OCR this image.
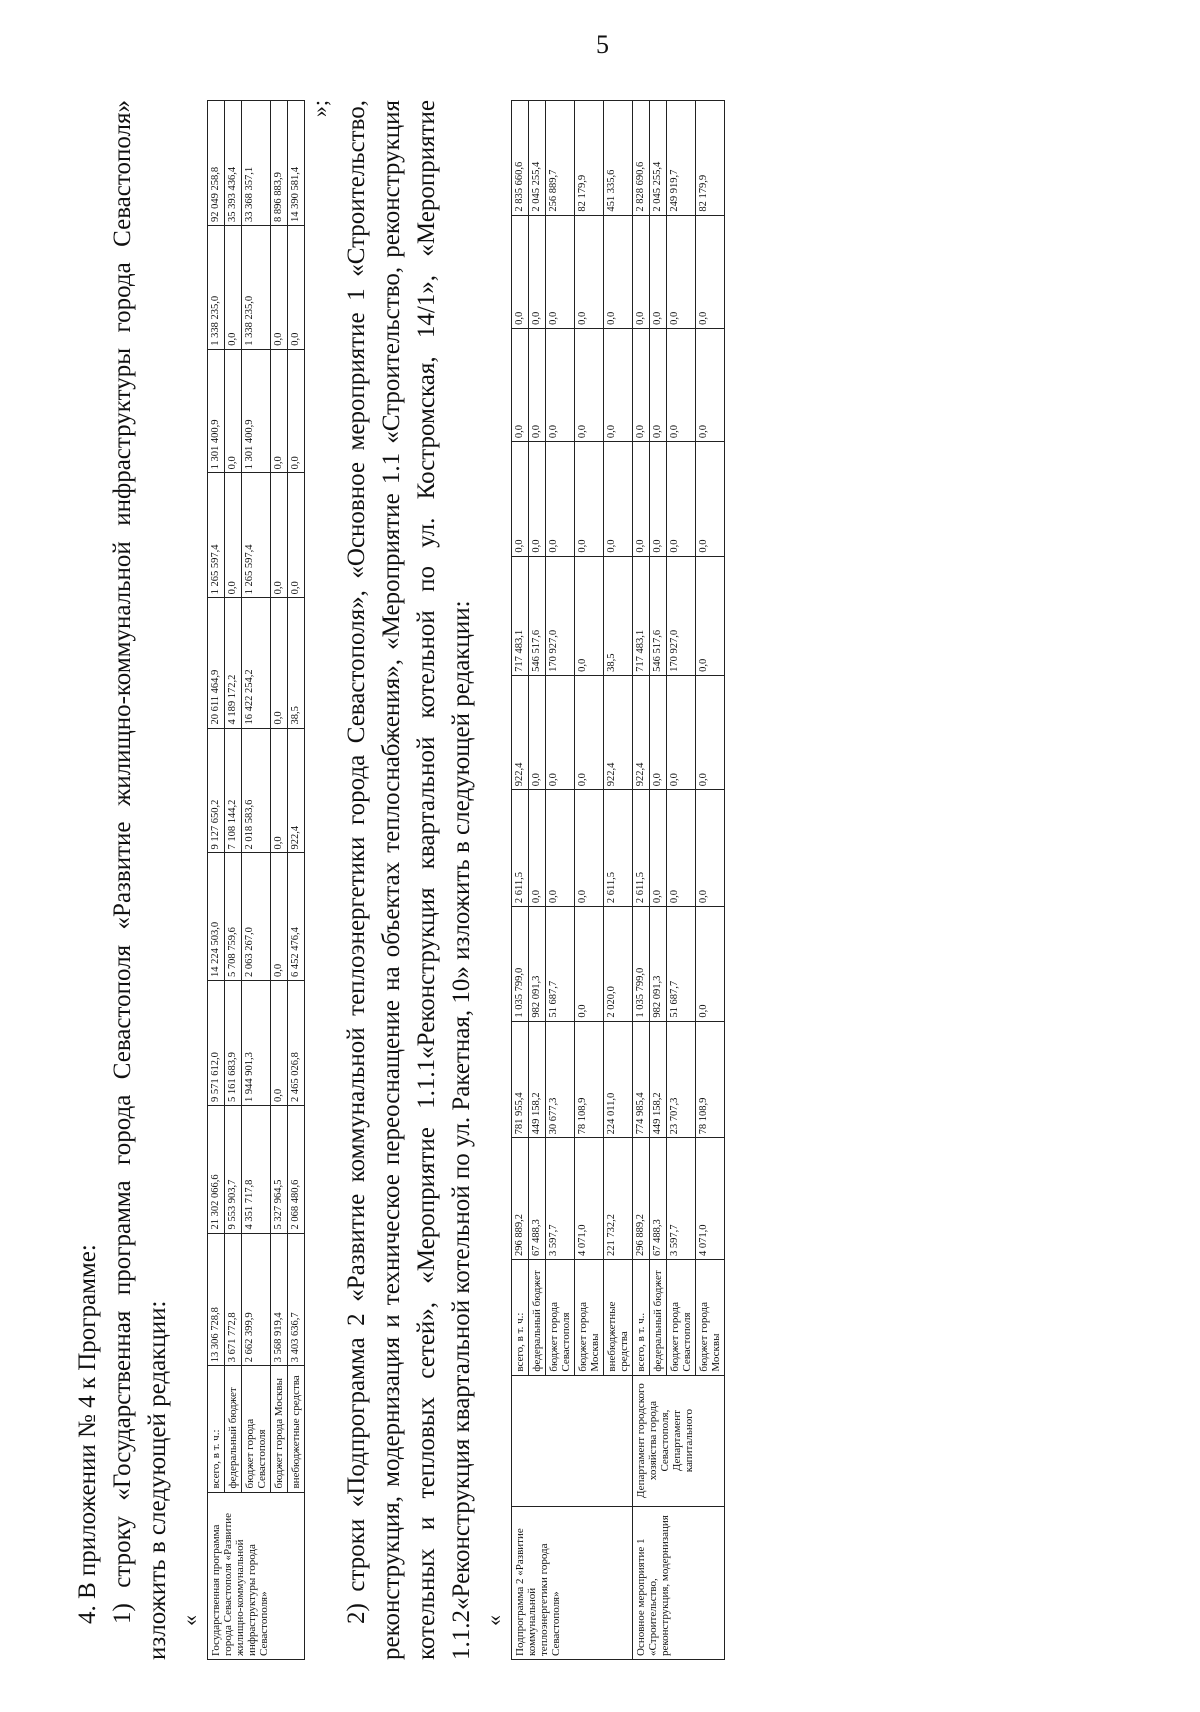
5

4. В приложении № 4 к Программе: 1) строку «Государственная программа города Севастополя «Развитие жилищно-коммунальной инфраструктуры города Севастополя» изложить в следующей редакции: « Государственная программа города Севастополя «Развитие жилищно-коммунальной инфраструктуры города Севастополя»	всего, в т. ч.:	13 306 728,8	21 302 066,6	9 571 612,0	14 224 503,0	9 127 650,2	20 611 464,9	1 265 597,4	1 301 400,9	1 338 235,0	92 049 258,8
	федеральный бюджет	3 671 772,8	9 553 903,7	5 161 683,9	5 708 759,6	7 108 144,2	4 189 172,2	0,0	0,0	0,0	35 393 436,4
	бюджет города Севастополя	2 662 399,9	4 351 717,8	1 944 901,3	2 063 267,0	2 018 583,6	16 422 254,2	1 265 597,4	1 301 400,9	1 338 235,0	33 368 357,1
	бюджет города Москвы	3 568 919,4	5 327 964,5	0,0	0,0	0,0	0,0	0,0	0,0	0,0	8 896 883,9
	внебюджетные средства	3 403 636,7	2 068 480,6	2 465 026,8	6 452 476,4	922,4	38,5	0,0	0,0	0,0	14 390 581,4
»; 2) строки «Подпрограмма 2 «Развитие коммунальной теплоэнергетики города Севастополя», «Основное мероприятие 1 «Строительство, реконструкция, модернизация и техническое переоснащение на объектах теплоснабжения», «Мероприятие 1.1 «Строительство, реконструкция котельных и тепловых сетей», «Мероприятие 1.1.1«Реконструкция квартальной котельной по ул. Костромская, 14/1», «Мероприятие 1.1.2«Реконструкция квартальной котельной по ул. Ракетная, 10» изложить в следующей редакции: « Подпрограмма 2 «Развитие коммунальной теплоэнергетики города Севастополя»		всего, в т. ч.:	296 889,2	781 955,4	1 035 799,0	2 611,5	922,4	717 483,1	0,0	0,0	0,0	2 835 660,6
		федеральный бюджет	67 488,3	449 158,2	982 091,3	0,0	0,0	546 517,6	0,0	0,0	0,0	2 045 255,4
		бюджет города Севастополя	3 597,7	30 677,3	51 687,7	0,0	0,0	170 927,0	0,0	0,0	0,0	256 889,7
		бюджет города Москвы	4 071,0	78 108,9	0,0	0,0	0,0	0,0	0,0	0,0	0,0	82 179,9
		внебюджетные средства	221 732,2	224 011,0	2 020,0	2 611,5	922,4	38,5	0,0	0,0	0,0	451 335,6
Основное мероприятие 1 «Строительство, реконструкция, модернизация	Департамент городского хозяйства города Севастополя, Департамент капитального	всего, в т. ч..	296 889,2	774 985,4	1 035 799,0	2 611,5	922,4	717 483,1	0,0	0,0	0,0	2 828 690,6
		федеральный бюджет	67 488,3	449 158,2	982 091,3	0,0	0,0	546 517,6	0,0	0,0	0,0	2 045 255,4
		бюджет города Севастополя	3 597,7	23 707,3	51 687,7	0,0	0,0	170 927,0	0,0	0,0	0,0	249 919,7
		бюджет города Москвы	4 071,0	78 108,9	0,0	0,0	0,0	0,0	0,0	0,0	0,0	82 179,9
